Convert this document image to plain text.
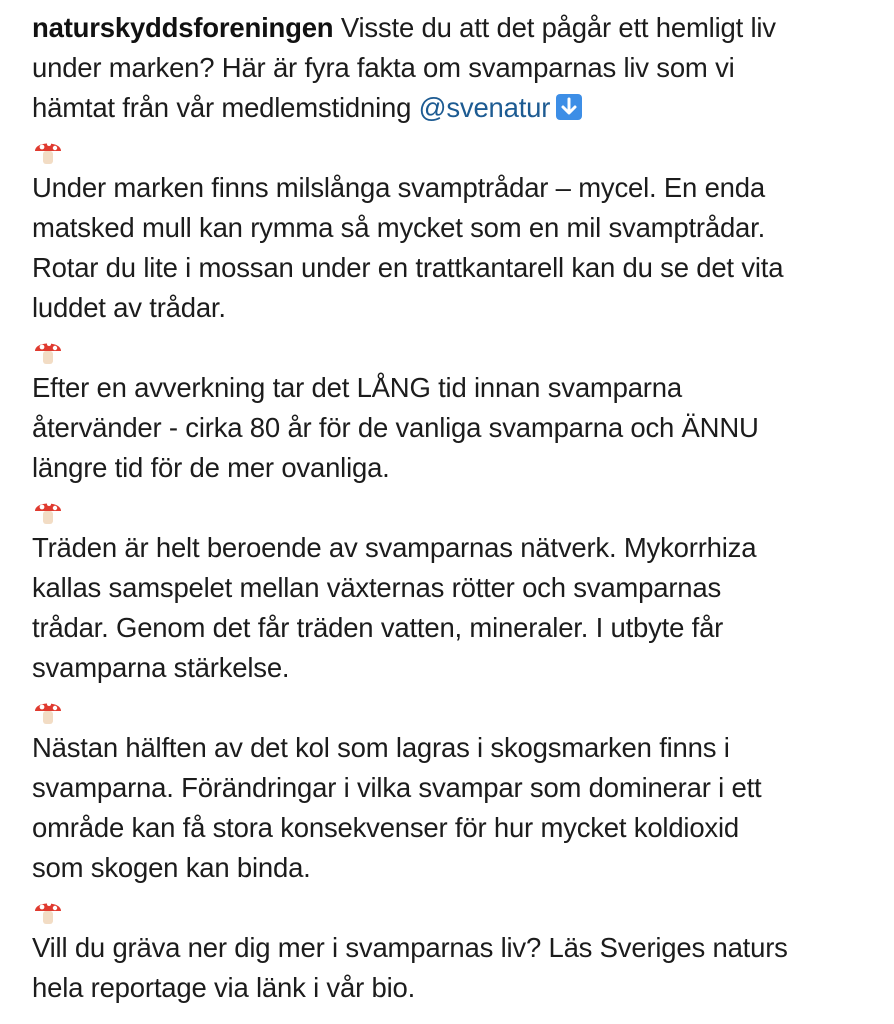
naturskyddsforeningen Visste du att det pågår ett hemligt liv
under marken? Här är fyra fakta om svamparnas liv som vi
hämtat från vår medlemstidning @svenatur
Under marken finns milslånga svamptrådar – mycel. En enda
matsked mull kan rymma så mycket som en mil svamptrådar.
Rotar du lite i mossan under en trattkantarell kan du se det vita
luddet av trådar.
Efter en avverkning tar det LÅNG tid innan svamparna
återvänder - cirka 80 år för de vanliga svamparna och ÄNNU
längre tid för de mer ovanliga.
Träden är helt beroende av svamparnas nätverk. Mykorrhiza
kallas samspelet mellan växternas rötter och svamparnas
trådar. Genom det får träden vatten, mineraler. I utbyte får
svamparna stärkelse.
Nästan hälften av det kol som lagras i skogsmarken finns i
svamparna. Förändringar i vilka svampar som dominerar i ett
område kan få stora konsekvenser för hur mycket koldioxid
som skogen kan binda.
Vill du gräva ner dig mer i svamparnas liv? Läs Sveriges naturs
hela reportage via länk i vår bio.
